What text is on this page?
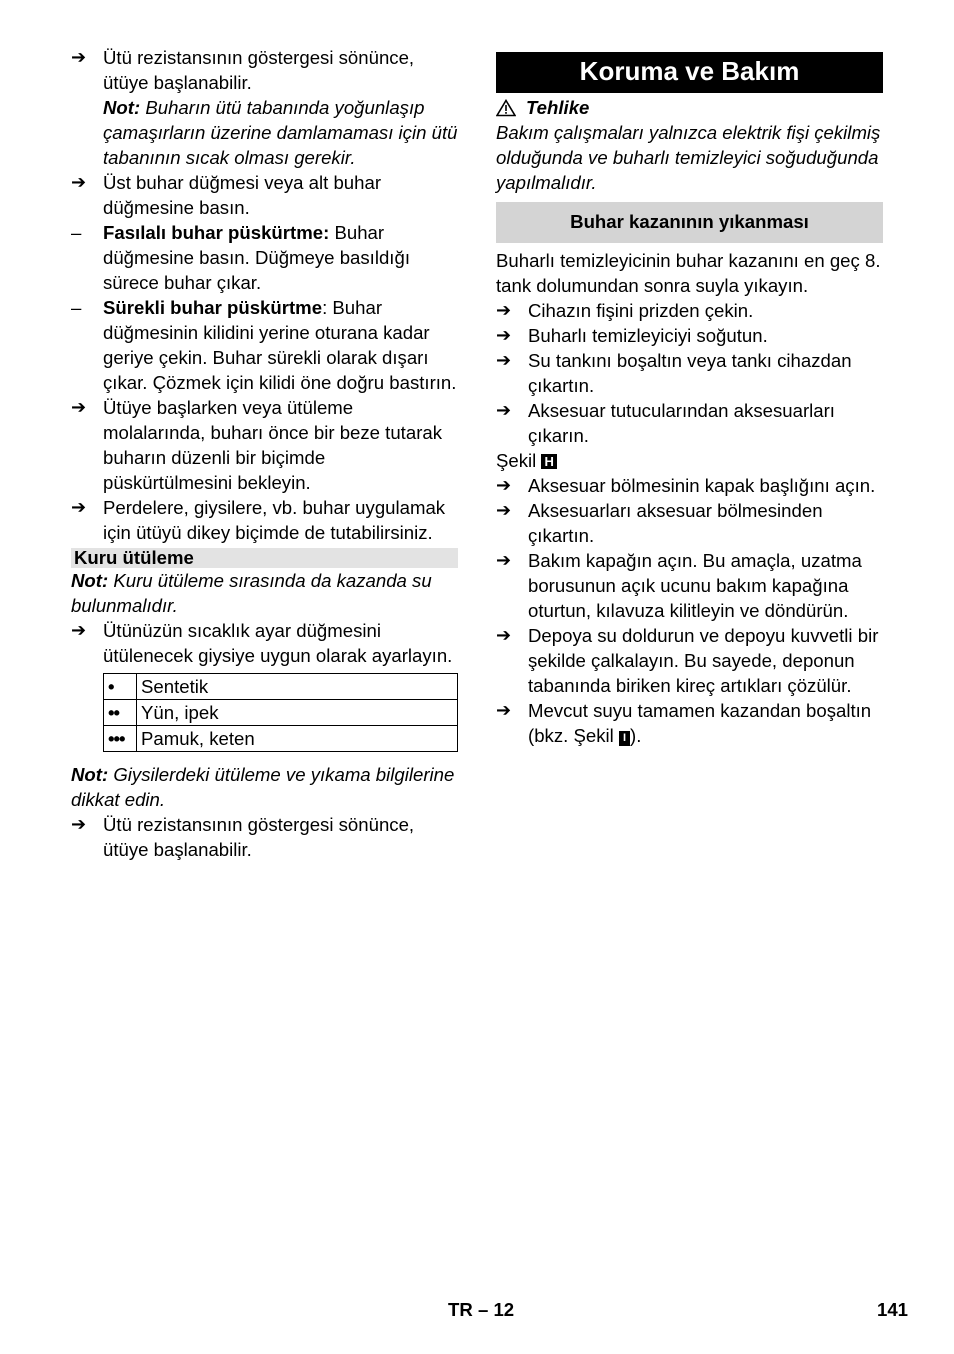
➔ Ütü rezistansının göstergesi sönünce, ütüye başlanabilir.

Not: Buharın ütü tabanında yoğunlaşıp çamaşırların üzerine damlamaması için ütü tabanının sıcak olması gerekir.

➔ Üst buhar düğmesi veya alt buhar düğmesine basın.
–	Fasılalı buhar püskürtme: Buhar düğmesine basın. Düğmeye basıldığı sürece buhar çıkar.
–	Sürekli buhar püskürtme: Buhar düğmesinin kilidini yerine oturana kadar geriye çekin. Buhar sürekli olarak dışarı çıkar. Çözmek için kilidi öne doğru bastırın.
➔ Ütüye başlarken veya ütüleme molalarında, buharı önce bir beze tutarak buharın düzenli bir biçimde püskürtülmesini bekleyin.
➔ Perdelere, giysilere, vb. buhar uygulamak için ütüyü dikey biçimde de tutabilirsiniz.
Kuru ütüleme

Not: Kuru ütüleme sırasında da kazanda su bulunmalıdır.

➔ Ütünüzün sıcaklık ayar düğmesini ütülenecek giysiye uygun olarak ayarlayın.
•	Sentetik
••	Yün, ipek
•••	Pamuk, keten

Not: Giysilerdeki ütüleme ve yıkama bilgilerine dikkat edin.

➔ Ütü rezistansının göstergesi sönünce, ütüye başlanabilir.
Koruma ve Bakım
Tehlike

Bakım çalışmaları yalnızca elektrik fişi çekilmiş olduğunda ve buharlı temizleyici soğuduğunda yapılmalıdır.

Buhar kazanının yıkanması

Buharlı temizleyicinin buhar kazanını en geç 8. tank dolumundan sonra suyla yıkayın.

➔ Cihazın fişini prizden çekin.
➔ Buharlı temizleyiciyi soğutun.
➔ Su tankını boşaltın veya tankı cihazdan çıkartın.
➔ Aksesuar tutucularından aksesuarları çıkarın.

Şekil H

➔ Aksesuar bölmesinin kapak başlığını açın.
➔ Aksesuarları aksesuar bölmesinden çıkartın.
➔ Bakım kapağın açın. Bu amaçla, uzatma borusunun açık ucunu bakım kapağına oturtun, kılavuza kilitleyin ve döndürün.
➔ Depoya su doldurun ve depoyu kuvvetli bir şekilde çalkalayın. Bu sayede, deponun tabanında biriken kireç artıkları çözülür.
➔ Mevcut suyu tamamen kazandan boşaltın (bkz. Şekil I ).
TR – 12	141
